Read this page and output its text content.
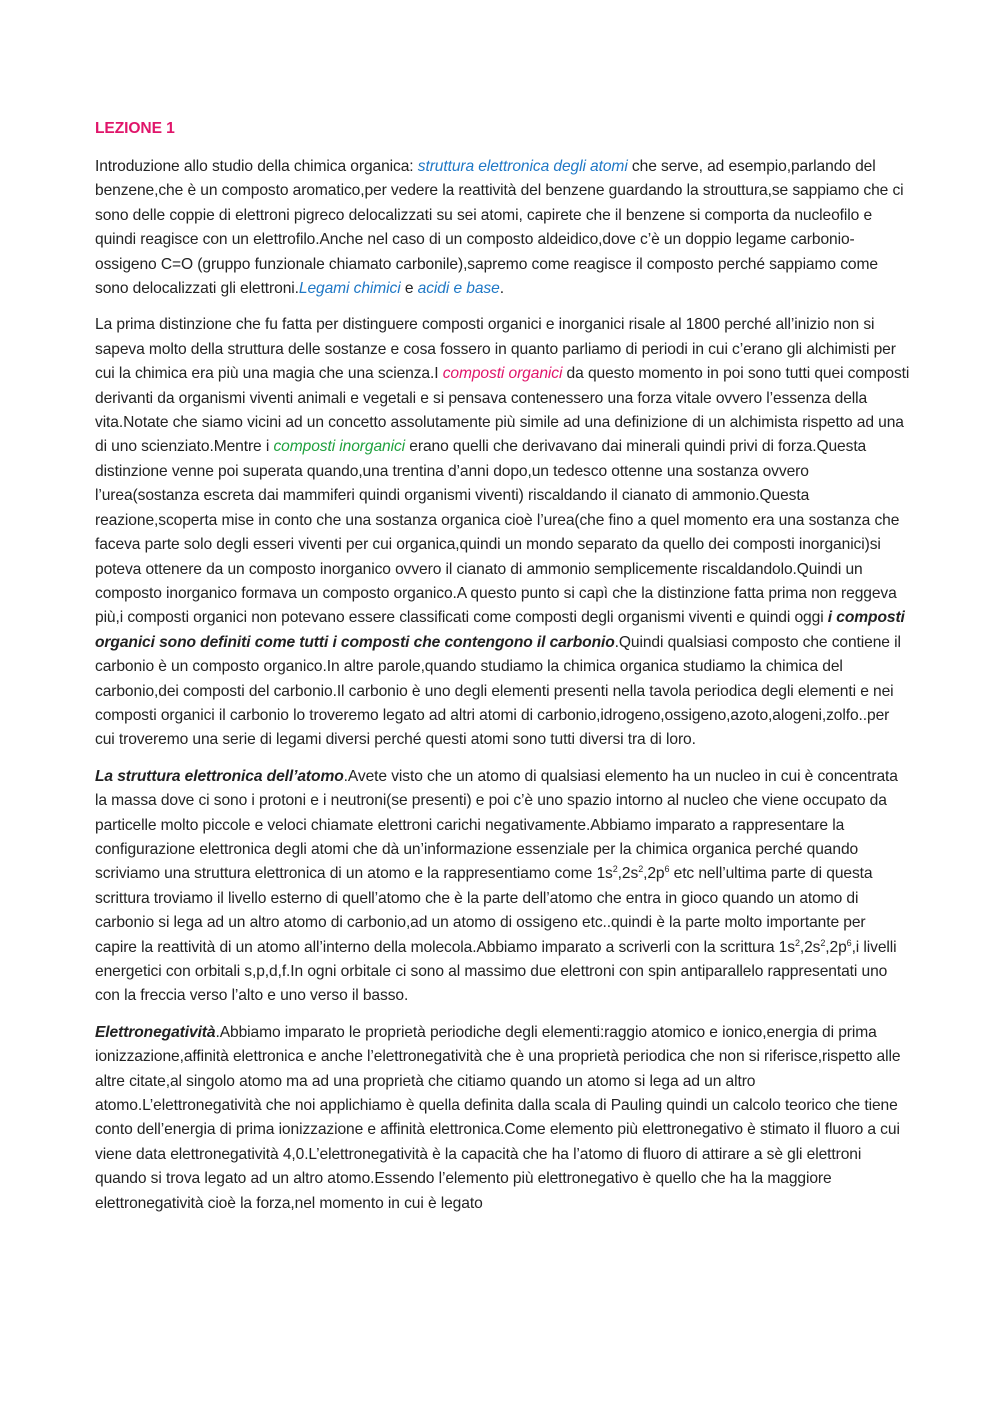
LEZIONE 1

Introduzione allo studio della chimica organica: struttura elettronica degli atomi che serve, ad esempio,parlando del benzene,che è un composto aromatico,per vedere la reattività del benzene guardando la strouttura,se sappiamo che ci sono delle coppie di elettroni pigreco delocalizzati su sei atomi, capirete che il benzene si comporta da nucleofilo e quindi reagisce con un elettrofilo.Anche nel caso di un composto aldeidico,dove c’è un doppio legame carbonio-ossigeno C=O (gruppo funzionale chiamato carbonile),sapremo come reagisce il composto perché sappiamo come sono delocalizzati gli elettroni.Legami chimici e acidi e base.

La prima distinzione che fu fatta per distinguere composti organici e inorganici risale al 1800 perché all’inizio non si sapeva molto della struttura delle sostanze e cosa fossero in quanto parliamo di periodi in cui c’erano gli alchimisti per cui la chimica era più una magia che una scienza.I composti organici da questo momento in poi sono tutti quei composti derivanti da organismi viventi animali e vegetali e si pensava contenessero una forza vitale ovvero l’essenza della vita.Notate che siamo vicini ad un concetto assolutamente più simile ad una definizione di un alchimista rispetto ad una di uno scienziato.Mentre i composti inorganici erano quelli che derivavano dai minerali quindi privi di forza.Questa distinzione venne poi superata quando,una trentina d’anni dopo,un tedesco ottenne una sostanza ovvero l’urea(sostanza escreta dai mammiferi quindi organismi viventi) riscaldando il cianato di ammonio.Questa reazione,scoperta mise in conto che una sostanza organica cioè l’urea(che fino a quel momento era una sostanza che faceva parte solo degli esseri viventi per cui organica,quindi un mondo separato da quello dei composti inorganici)si poteva ottenere da un composto inorganico ovvero il cianato di ammonio semplicemente riscaldandolo.Quindi un composto inorganico formava un composto organico.A questo punto si capì che la distinzione fatta prima non reggeva più,i composti organici non potevano essere classificati come composti degli organismi viventi e quindi oggi i composti organici sono definiti come tutti i composti che contengono il carbonio.Quindi qualsiasi composto che contiene il carbonio è un composto organico.In altre parole,quando studiamo la chimica organica studiamo la chimica del carbonio,dei composti del carbonio.Il carbonio è uno degli elementi presenti nella tavola periodica degli elementi e nei composti organici il carbonio lo troveremo legato ad altri atomi di carbonio,idrogeno,ossigeno,azoto,alogeni,zolfo..per cui troveremo una serie di legami diversi perché questi atomi sono tutti diversi tra di loro.

La struttura elettronica dell’atomo.Avete visto che un atomo di qualsiasi elemento ha un nucleo in cui è concentrata la massa dove ci sono i protoni e i neutroni(se presenti) e poi c’è uno spazio intorno al nucleo che viene occupato da particelle molto piccole e veloci chiamate elettroni carichi negativamente.Abbiamo imparato a rappresentare la configurazione elettronica degli atomi che dà un’informazione essenziale per la chimica organica perché quando scriviamo una struttura elettronica di un atomo e la rappresentiamo come $1s^2,2s^2,2p^6$ etc nell’ultima parte di questa scrittura troviamo il livello esterno di quell’atomo che è la parte dell’atomo che entra in gioco quando un atomo di carbonio si lega ad un altro atomo di carbonio,ad un atomo di ossigeno etc..quindi è la parte molto importante per capire la reattività di un atomo all’interno della molecola.Abbiamo imparato a scriverli con la scrittura $1s^2,2s^2,2p^6,i$ livelli energetici con orbitali s,p,d,f.In ogni orbitale ci sono al massimo due elettroni con spin antiparallelo rappresentati uno con la freccia verso l’alto e uno verso il basso.

Elettronegatività.Abbiamo imparato le proprietà periodiche degli elementi:raggio atomico e ionico,energia di prima ionizzazione,affinità elettronica e anche l’elettronegatività che è una proprietà periodica che non si riferisce,rispetto alle altre citate,al singolo atomo ma ad una proprietà che citiamo quando un atomo si lega ad un altro atomo.L’elettronegatività che noi applichiamo è quella definita dalla scala di Pauling quindi un calcolo teorico che tiene conto dell’energia di prima ionizzazione e affinità elettronica.Come elemento più elettronegativo è stimato il fluoro a cui viene data elettronegatività 4,0.L’elettronegatività è la capacità che ha l’atomo di fluoro di attirare a sè gli elettroni quando si trova legato ad un altro atomo.Essendo l’elemento più elettronegativo è quello che ha la maggiore elettronegatività cioè la forza,nel momento in cui è legato
